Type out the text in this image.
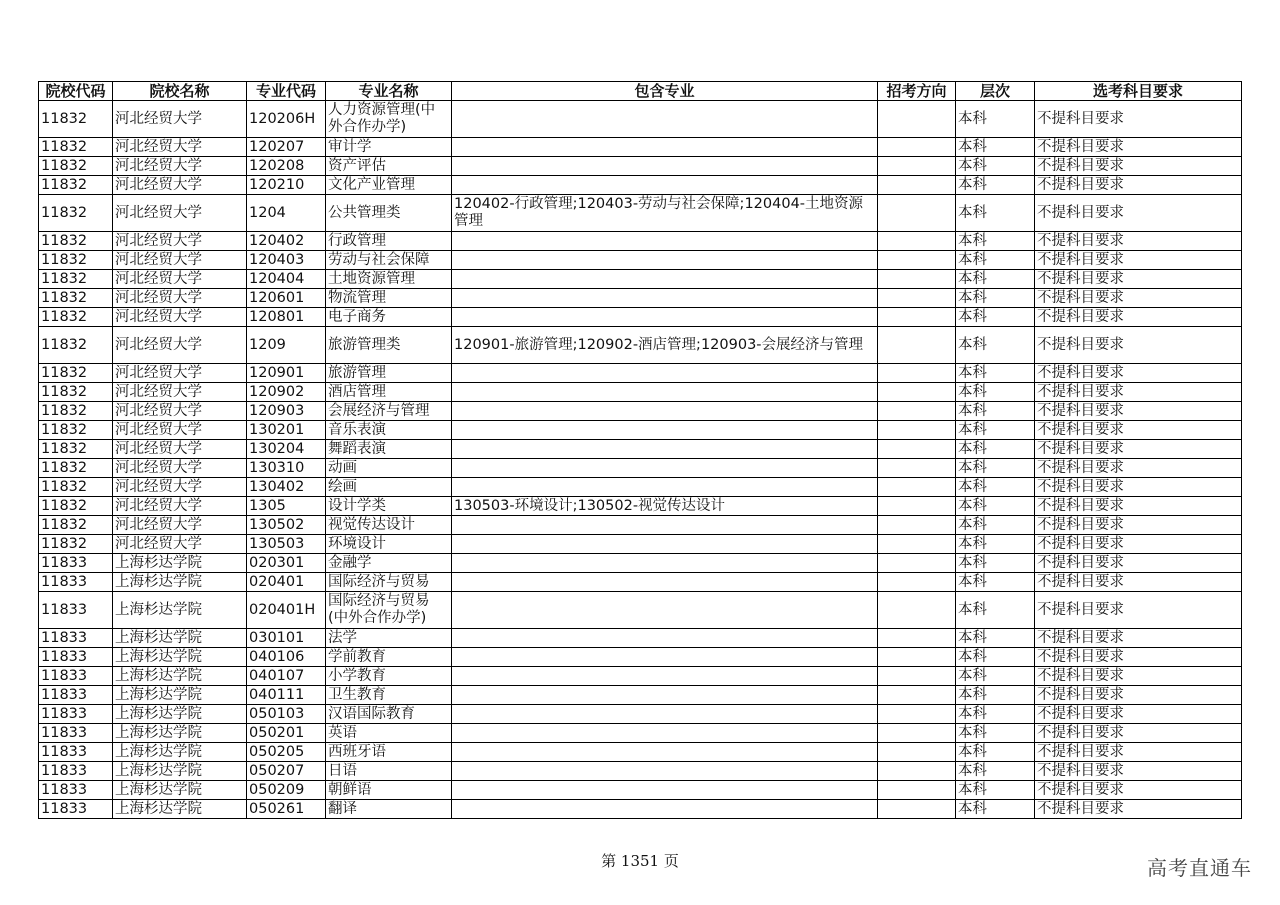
院校代码	院校名称	专业代码	专业名称	包含专业	招考方向	层次	选考科目要求
11832	河北经贸大学	120206H	人力资源管理(中外合作办学)			本科	不提科目要求
11832	河北经贸大学	120207	审计学			本科	不提科目要求
11832	河北经贸大学	120208	资产评估			本科	不提科目要求
11832	河北经贸大学	120210	文化产业管理			本科	不提科目要求
11832	河北经贸大学	1204	公共管理类	120402-行政管理;120403-劳动与社会保障;120404-土地资源管理		本科	不提科目要求
11832	河北经贸大学	120402	行政管理			本科	不提科目要求
11832	河北经贸大学	120403	劳动与社会保障			本科	不提科目要求
11832	河北经贸大学	120404	土地资源管理			本科	不提科目要求
11832	河北经贸大学	120601	物流管理			本科	不提科目要求
11832	河北经贸大学	120801	电子商务			本科	不提科目要求
11832	河北经贸大学	1209	旅游管理类	120901-旅游管理;120902-酒店管理;120903-会展经济与管理		本科	不提科目要求
11832	河北经贸大学	120901	旅游管理			本科	不提科目要求
11832	河北经贸大学	120902	酒店管理			本科	不提科目要求
11832	河北经贸大学	120903	会展经济与管理			本科	不提科目要求
11832	河北经贸大学	130201	音乐表演			本科	不提科目要求
11832	河北经贸大学	130204	舞蹈表演			本科	不提科目要求
11832	河北经贸大学	130310	动画			本科	不提科目要求
11832	河北经贸大学	130402	绘画			本科	不提科目要求
11832	河北经贸大学	1305	设计学类	130503-环境设计;130502-视觉传达设计		本科	不提科目要求
11832	河北经贸大学	130502	视觉传达设计			本科	不提科目要求
11832	河北经贸大学	130503	环境设计			本科	不提科目要求
11833	上海杉达学院	020301	金融学			本科	不提科目要求
11833	上海杉达学院	020401	国际经济与贸易			本科	不提科目要求
11833	上海杉达学院	020401H	国际经济与贸易(中外合作办学)			本科	不提科目要求
11833	上海杉达学院	030101	法学			本科	不提科目要求
11833	上海杉达学院	040106	学前教育			本科	不提科目要求
11833	上海杉达学院	040107	小学教育			本科	不提科目要求
11833	上海杉达学院	040111	卫生教育			本科	不提科目要求
11833	上海杉达学院	050103	汉语国际教育			本科	不提科目要求
11833	上海杉达学院	050201	英语			本科	不提科目要求
11833	上海杉达学院	050205	西班牙语			本科	不提科目要求
11833	上海杉达学院	050207	日语			本科	不提科目要求
11833	上海杉达学院	050209	朝鲜语			本科	不提科目要求
11833	上海杉达学院	050261	翻译			本科	不提科目要求
第 1351 页	高考直通车
